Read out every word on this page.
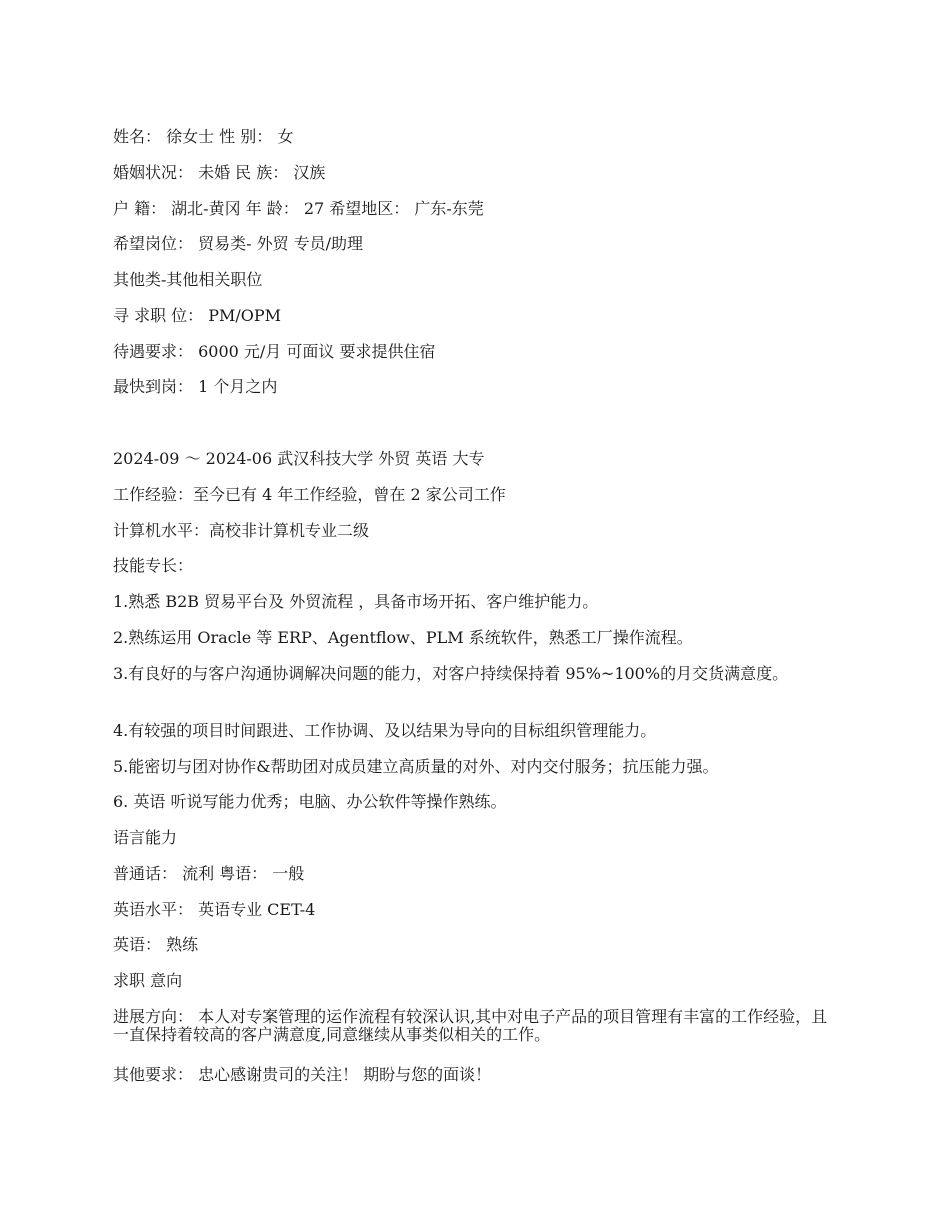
姓名： 徐女士 性 别： 女
婚姻状况： 未婚 民 族： 汉族
户 籍： 湖北-黄冈 年 龄： 27 希望地区： 广东-东莞
希望岗位： 贸易类- 外贸 专员/助理
其他类-其他相关职位
寻 求职 位： PM/OPM
待遇要求： 6000 元/月 可面议 要求提供住宿
最快到岗： 1 个月之内
2024-09 ～ 2024-06 武汉科技大学 外贸 英语 大专
工作经验：至今已有 4 年工作经验，曾在 2 家公司工作
计算机水平：高校非计算机专业二级
技能专长：
1.熟悉 B2B 贸易平台及 外贸流程 ，具备市场开拓、客户维护能力。
2.熟练运用 Oracle 等 ERP、Agentflow、PLM 系统软件，熟悉工厂操作流程。
3.有良好的与客户沟通协调解决问题的能力，对客户持续保持着 95%~100%的月交货满意度。
4.有较强的项目时间跟进、工作协调、及以结果为导向的目标组织管理能力。
5.能密切与团对协作&帮助团对成员建立高质量的对外、对内交付服务；抗压能力强。
6. 英语 听说写能力优秀；电脑、办公软件等操作熟练。
语言能力
普通话： 流利 粤语： 一般
英语水平： 英语专业 CET-4
英语： 熟练
求职 意向
进展方向： 本人对专案管理的运作流程有较深认识,其中对电子产品的项目管理有丰富的工作经验，且一直保持着较高的客户满意度,同意继续从事类似相关的工作。
其他要求： 忠心感谢贵司的关注！ 期盼与您的面谈！
